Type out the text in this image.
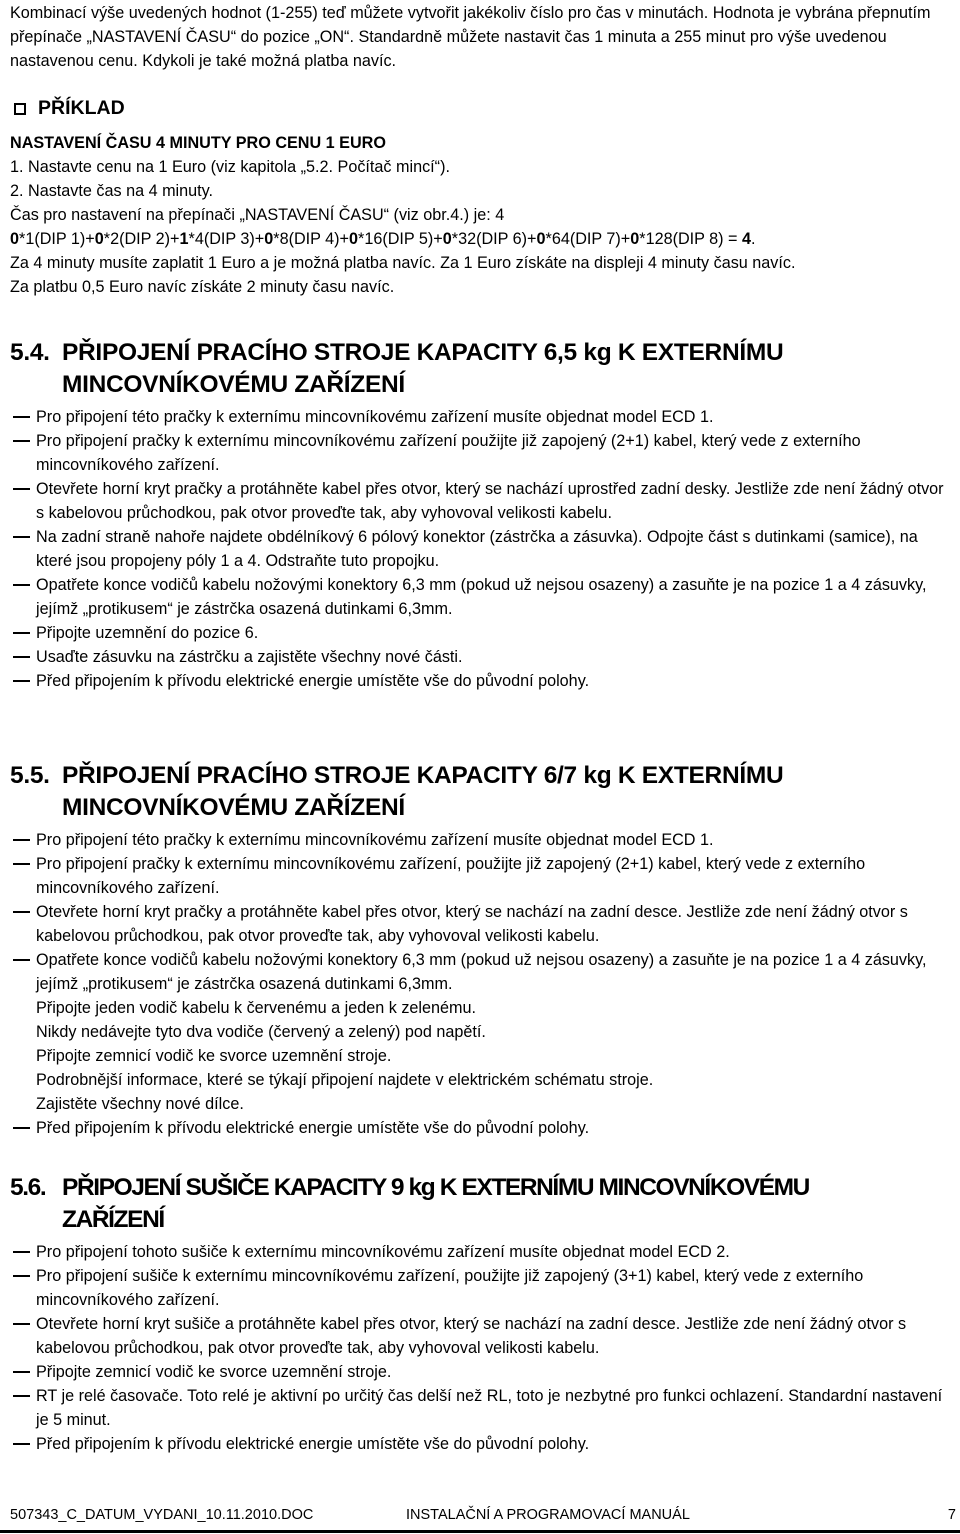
Kombinací výše uvedených hodnot (1-255) teď můžete vytvořit jakékoliv číslo pro čas v minutách. Hodnota je vybrána přepnutím přepínače „NASTAVENÍ ČASU“ do pozice „ON“. Standardně můžete nastavit čas 1 minuta a 255 minut pro výše uvedenou nastavenou cenu. Kdykoli je také možná platba navíc.
PŘÍKLAD
NASTAVENÍ ČASU 4 MINUTY PRO CENU 1 EURO
1. Nastavte cenu na 1 Euro (viz kapitola „5.2. Počítač mincí“).
2. Nastavte čas na 4 minuty.
Čas pro nastavení na přepínači „NASTAVENÍ ČASU“ (viz obr.4.) je: 4
0*1(DIP 1)+0*2(DIP 2)+1*4(DIP 3)+0*8(DIP 4)+0*16(DIP 5)+0*32(DIP 6)+0*64(DIP 7)+0*128(DIP 8) = 4.
Za 4 minuty musíte zaplatit 1 Euro a je možná platba navíc. Za 1 Euro získáte na displeji 4 minuty času navíc.
Za platbu 0,5 Euro navíc získáte 2 minuty času navíc.
5.4. PŘIPOJENÍ PRACÍHO STROJE KAPACITY 6,5 kg K EXTERNÍMU
MINCOVNÍKOVÉMU ZAŘÍZENÍ
Pro připojení této pračky k externímu mincovníkovému zařízení musíte objednat model ECD 1.
Pro připojení pračky k externímu mincovníkovému zařízení použijte již zapojený (2+1) kabel, který vede z externího mincovníkového zařízení.
Otevřete horní kryt pračky a protáhněte kabel přes otvor, který se nachází uprostřed zadní desky. Jestliže zde není žádný otvor s kabelovou průchodkou, pak otvor proveďte tak, aby vyhovoval velikosti kabelu.
Na zadní straně nahoře najdete obdélníkový 6 pólový konektor (zástrčka a zásuvka). Odpojte část s dutinkami (samice), na které jsou propojeny póly 1 a 4. Odstraňte tuto propojku.
Opatřete konce vodičů kabelu nožovými konektory 6,3 mm (pokud už nejsou osazeny) a zasuňte je na pozice 1 a 4 zásuvky, jejímž „protikusem“ je zástrčka osazená dutinkami 6,3mm.
Připojte uzemnění do pozice 6.
Usaďte zásuvku na zástrčku a zajistěte všechny nové části.
Před připojením k přívodu elektrické energie umístěte vše do původní polohy.
5.5. PŘIPOJENÍ PRACÍHO STROJE KAPACITY 6/7 kg K EXTERNÍMU
MINCOVNÍKOVÉMU ZAŘÍZENÍ
Pro připojení této pračky k externímu mincovníkovému zařízení musíte objednat model ECD 1.
Pro připojení pračky k externímu mincovníkovému zařízení, použijte již zapojený (2+1) kabel, který vede z externího mincovníkového zařízení.
Otevřete horní kryt pračky a protáhněte kabel přes otvor, který se nachází na zadní desce. Jestliže zde není žádný otvor s kabelovou průchodkou, pak otvor proveďte tak, aby vyhovoval velikosti kabelu.
Opatřete konce vodičů kabelu nožovými konektory 6,3 mm (pokud už nejsou osazeny) a zasuňte je na pozice 1 a 4 zásuvky, jejímž „protikusem“ je zástrčka osazená dutinkami 6,3mm.
Připojte jeden vodič kabelu k červenému a jeden k zelenému.
Nikdy nedávejte tyto dva vodiče (červený a zelený) pod napětí.
Připojte zemnicí vodič ke svorce uzemnění stroje.
Podrobnější informace, které se týkají připojení najdete v elektrickém schématu stroje.
Zajistěte všechny nové dílce.
Před připojením k přívodu elektrické energie umístěte vše do původní polohy.
5.6. PŘIPOJENÍ SUŠIČE KAPACITY 9 kg K EXTERNÍMU MINCOVNÍKOVÉMU
ZAŘÍZENÍ
Pro připojení tohoto sušiče k externímu mincovníkovému zařízení musíte objednat model ECD 2.
Pro připojení sušiče k externímu mincovníkovému zařízení, použijte již zapojený (3+1) kabel, který vede z externího mincovníkového zařízení.
Otevřete horní kryt sušiče a protáhněte kabel přes otvor, který se nachází na zadní desce. Jestliže zde není žádný otvor s kabelovou průchodkou, pak otvor proveďte tak, aby vyhovoval velikosti kabelu.
Připojte zemnicí vodič ke svorce uzemnění stroje.
RT je relé časovače. Toto relé je aktivní po určitý čas delší než RL, toto je nezbytné pro funkci ochlazení. Standardní nastavení je 5 minut.
Před připojením k přívodu elektrické energie umístěte vše do původní polohy.
507343_C_DATUM_VYDANI_10.11.2010.DOC	INSTALAČNÍ A PROGRAMOVACÍ MANUÁL	7
